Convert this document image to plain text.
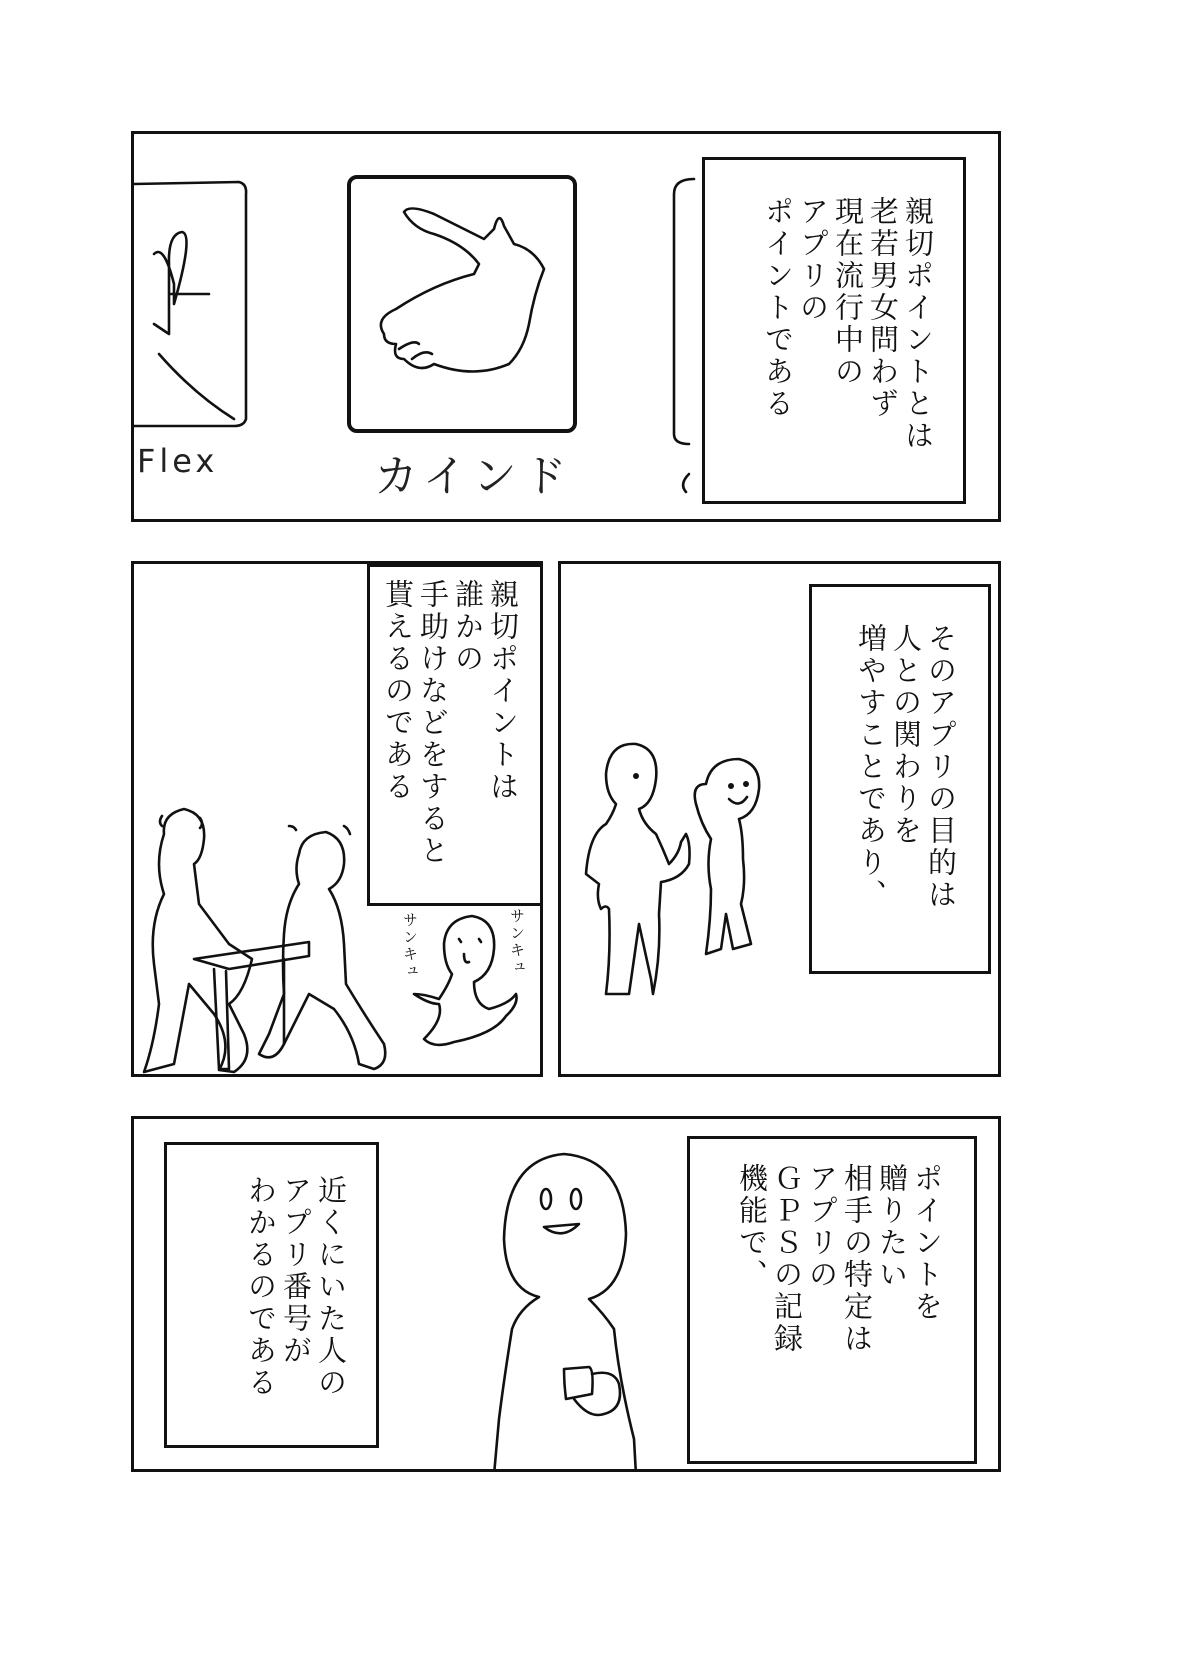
Flex	カインド
親切ポイントとは
老若男女問わず
現在流行中の
アプリの
ポイントである
サンキュ	サンキュ
親切ポイントは
誰かの
手助けなどをすると
貰えるのである	そのアプリの目的は
人との関わりを
増やすことであり、
近くにいた人の
アプリ番号が
わかるのである	ポイントを
贈りたい
相手の特定は
アプリの
ＧＰＳの記録
機能で、
